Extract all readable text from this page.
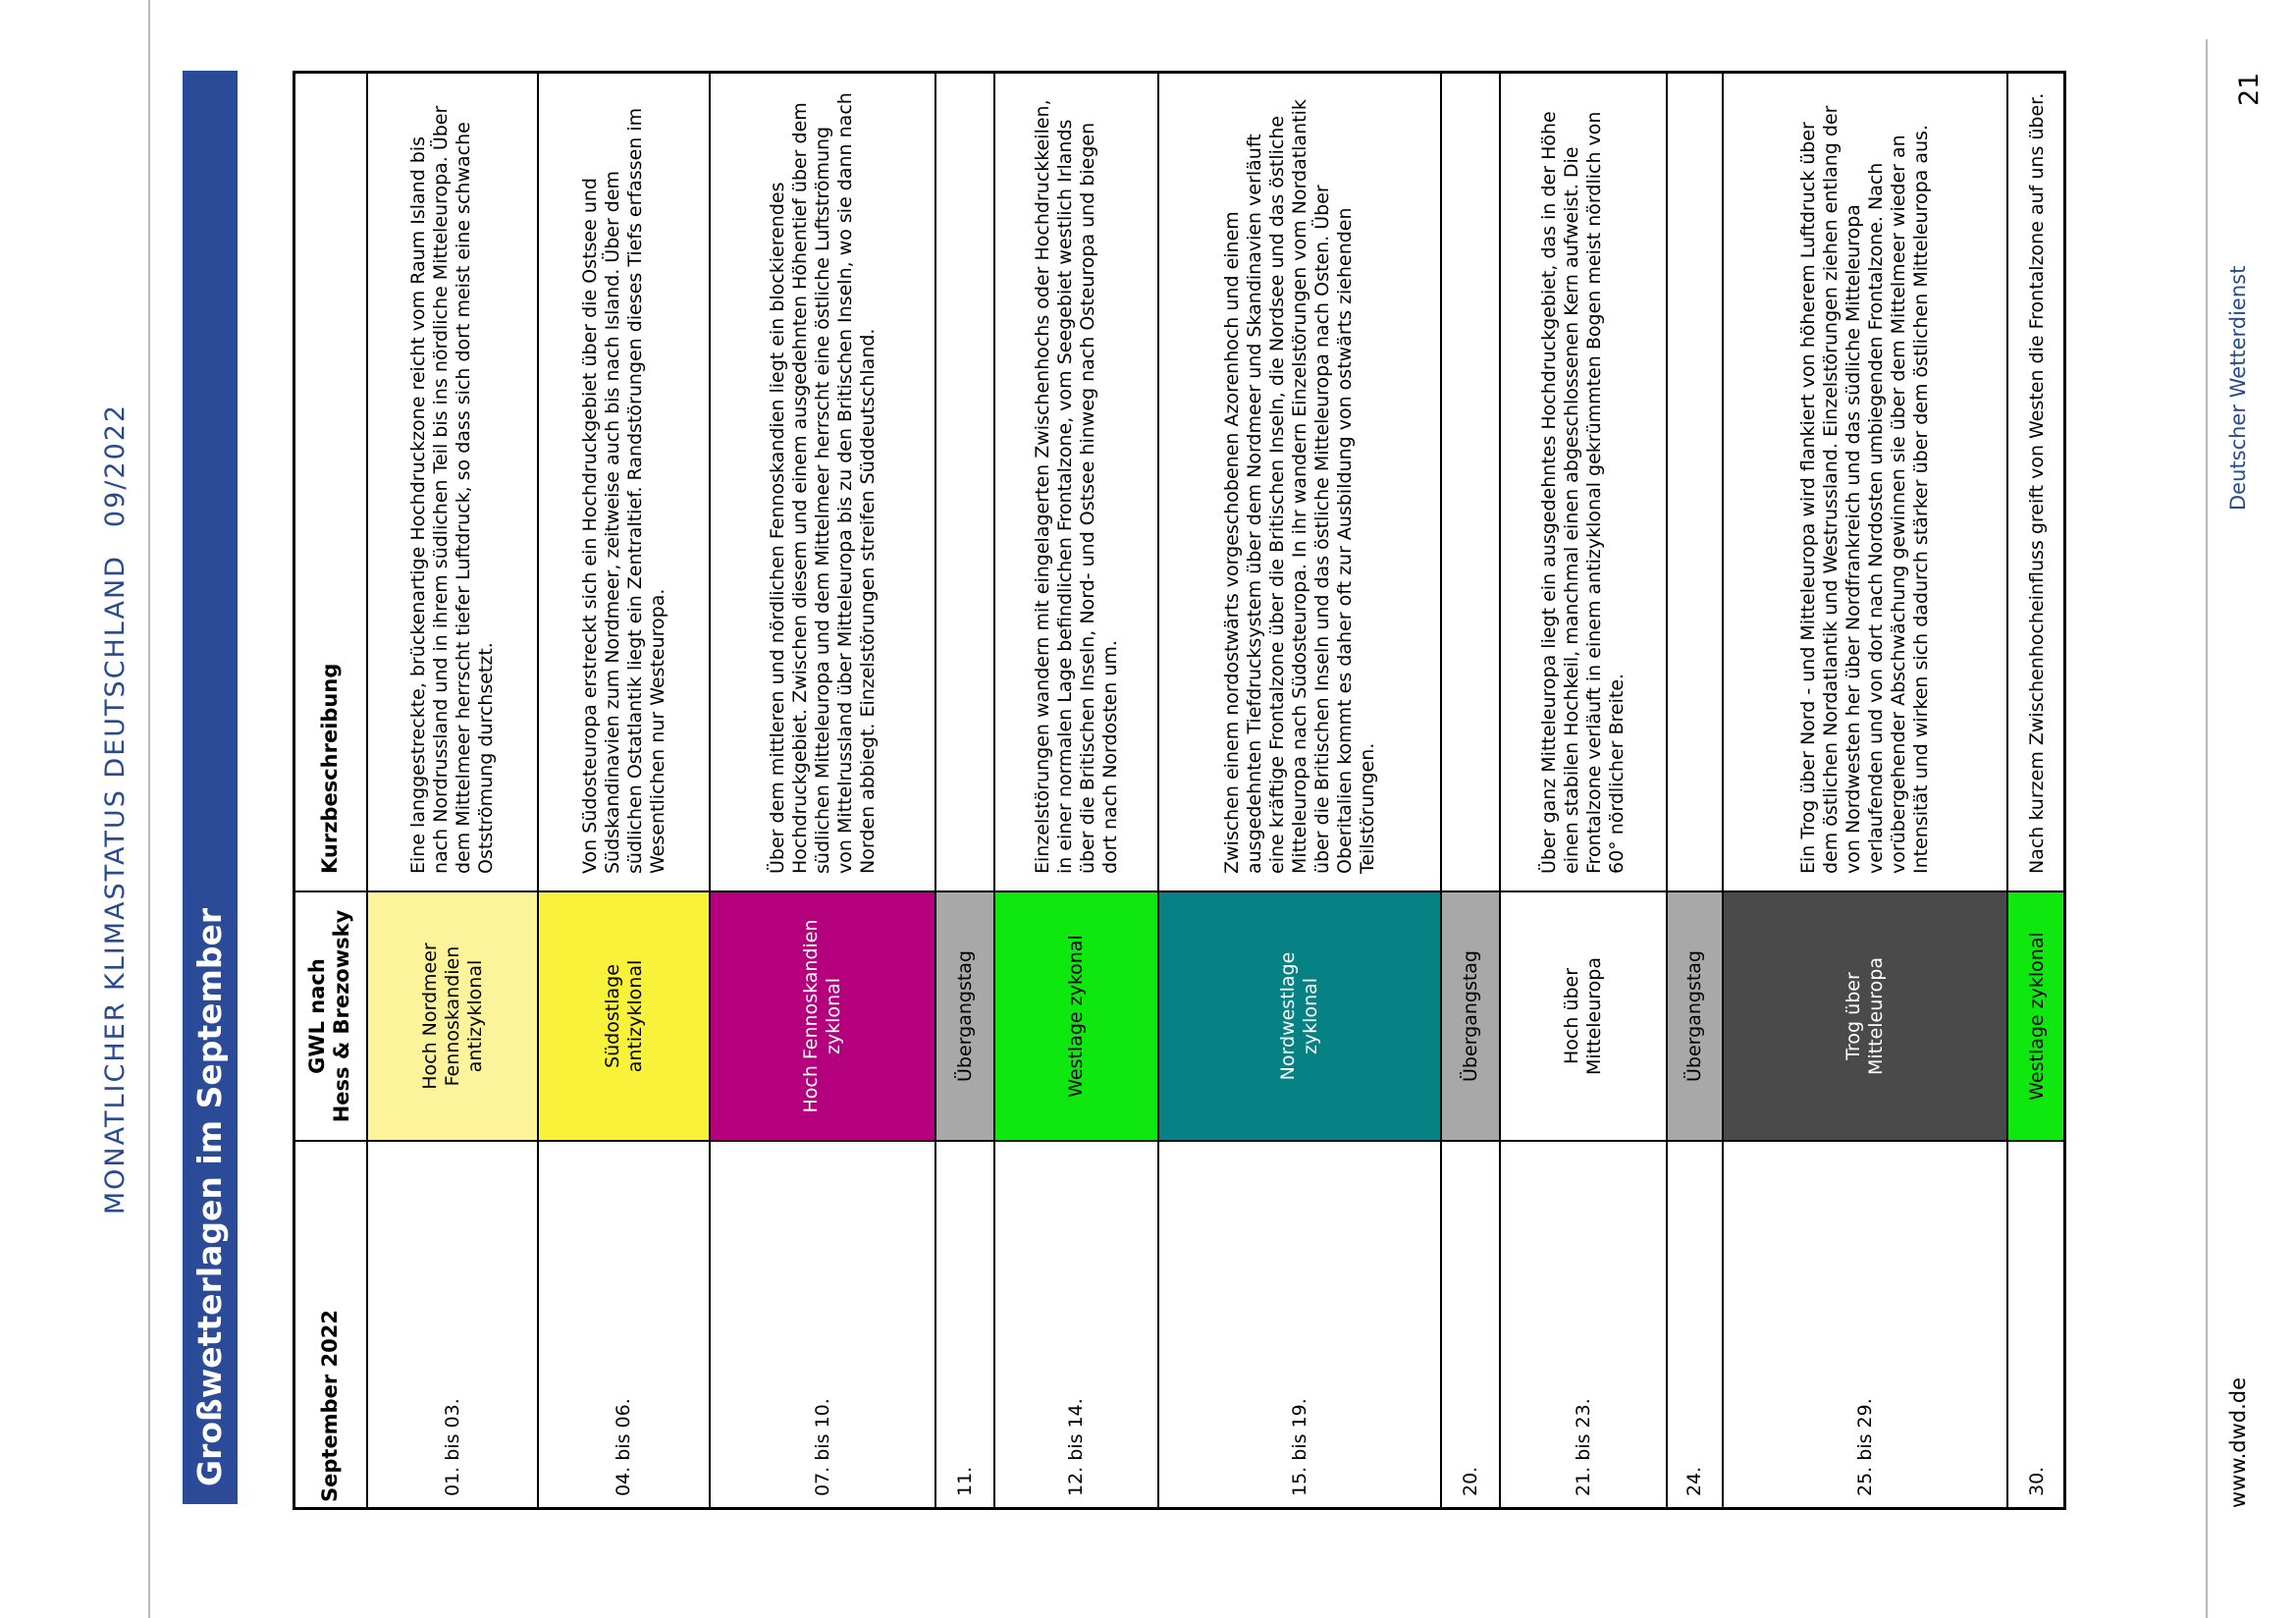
MONATLICHER KLIMASTATUS DEUTSCHLAND
09/2022
Großwetterlagen im September	September 2022
GWL nach
Hess & Brezowsky
Kurzbeschreibung
01. bis 03.
Hoch Nordmeer
Fennoskandien
antizyklonal
Eine langgestreckte, brückenartige Hochdruckzone reicht vom Raum Island bis nach Nordrussland und in ihrem südlichen Teil bis ins nördliche Mitteleuropa. Über dem Mittelmeer herrscht tiefer Luftdruck, so dass sich dort meist eine schwache Ostströmung durchsetzt.
04. bis 06.
Südostlage
antizyklonal
Von Südosteuropa erstreckt sich ein Hochdruckgebiet über die Ostsee und Südskandinavien zum Nordmeer, zeitweise auch bis nach Island. Über dem südlichen Ostatlantik liegt ein Zentraltief. Randstörungen dieses Tiefs erfassen im Wesentlichen nur Westeuropa.
07. bis 10.
Hoch Fennoskandien
zyklonal
Über dem mittleren und nördlichen Fennoskandien liegt ein blockierendes Hochdruckgebiet. Zwischen diesem und einem ausgedehnten Höhentief über dem südlichen Mitteleuropa und dem Mittelmeer herrscht eine östliche Luftströmung von Mittelrussland über Mitteleuropa bis zu den Britischen Inseln, wo sie dann nach Norden abbiegt. Einzelstörungen streifen Süddeutschland.
11.
Übergangstag
12. bis 14.
Westlage zykonal
Einzelstörungen wandern mit eingelagerten Zwischenhochs oder Hochdruckkeilen, in einer normalen Lage befindlichen Frontalzone, vom Seegebiet westlich Irlands über die Britischen Inseln, Nord- und Ostsee hinweg nach Osteuropa und biegen dort nach Nordosten um.
15. bis 19.
Nordwestlage
zyklonal
Zwischen einem nordostwärts vorgeschobenen Azorenhoch und einem ausgedehnten Tiefdrucksystem über dem Nordmeer und Skandinavien verläuft eine kräftige Frontalzone über die Britischen Inseln, die Nordsee und das östliche Mitteleuropa nach Südosteuropa. In ihr wandern Einzelstörungen vom Nordatlantik über die Britischen Inseln und das östliche Mitteleuropa nach Osten. Über Oberitalien kommt es daher oft zur Ausbildung von ostwärts ziehenden Teilstörungen.
20.
Übergangstag
21. bis 23.
Hoch über
Mitteleuropa
Über ganz Mitteleuropa liegt ein ausgedehntes Hochdruckgebiet, das in der Höhe einen stabilen Hochkeil, manchmal einen abgeschlossenen Kern aufweist. Die Frontalzone verläuft in einem antizyklonal gekrümmten Bogen meist nördlich von 60° nördlicher Breite.
24.
Übergangstag
25. bis 29.
Trog über
Mitteleuropa
Ein Trog über Nord - und Mitteleuropa wird flankiert von höherem Luftdruck über dem östlichen Nordatlantik und Westrussland. Einzelstörungen ziehen entlang der von Nordwesten her über Nordfrankreich und das südliche Mitteleuropa verlaufenden und von dort nach Nordosten umbiegenden Frontalzone. Nach vorübergehender Abschwächung gewinnen sie über dem Mittelmeer wieder an Intensität und wirken sich dadurch stärker über dem östlichen Mitteleuropa aus.
30.
Westlage zyklonal
Nach kurzem Zwischenhocheinfluss greift von Westen die Frontalzone auf uns über.
www.dwd.de
Deutscher Wetterdienst
21
